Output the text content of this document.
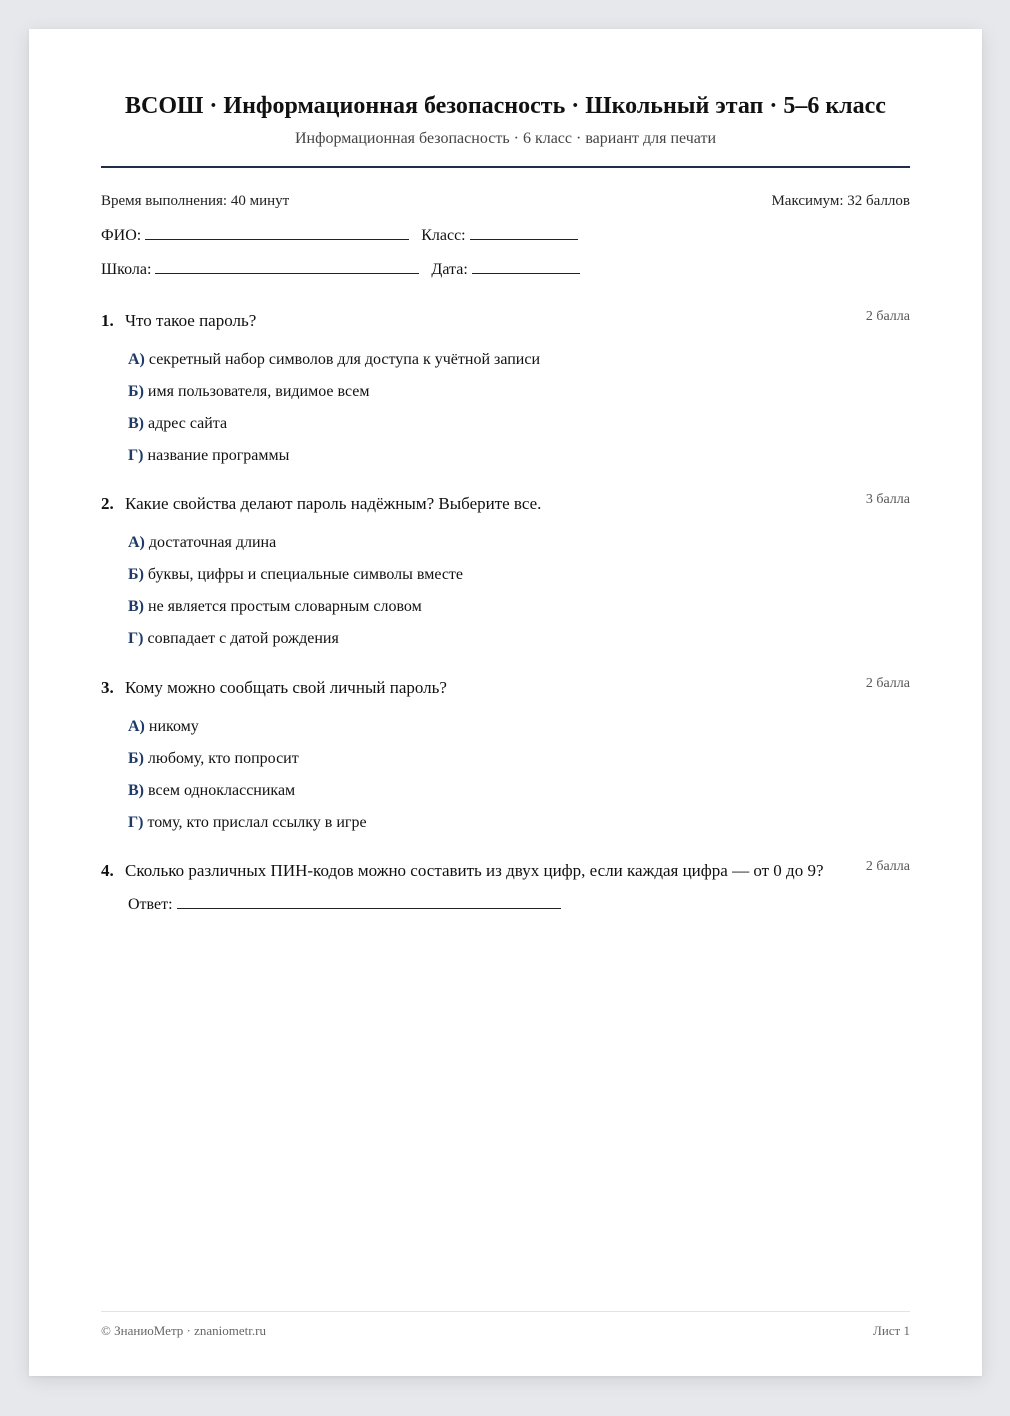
ВСОШ · Информационная безопасность · Школьный этап · 5–6 класс
Информационная безопасность · 6 класс · вариант для печати
Время выполнения: 40 минут	Максимум: 32 баллов
ФИО:	Класс:
Школа:	Дата:
1. Что такое пароль?	2 балла
А) секретный набор символов для доступа к учётной записи
Б) имя пользователя, видимое всем
В) адрес сайта
Г) название программы
2. Какие свойства делают пароль надёжным? Выберите все.	3 балла
А) достаточная длина
Б) буквы, цифры и специальные символы вместе
В) не является простым словарным словом
Г) совпадает с датой рождения
3. Кому можно сообщать свой личный пароль?	2 балла
А) никому
Б) любому, кто попросит
В) всем одноклассникам
Г) тому, кто прислал ссылку в игре
4. Сколько различных ПИН-кодов можно составить из двух цифр, если каждая цифра — от 0 до 9?	2 балла
Ответ:
© ЗнаниоМетр · znaniometr.ru	Лист 1
